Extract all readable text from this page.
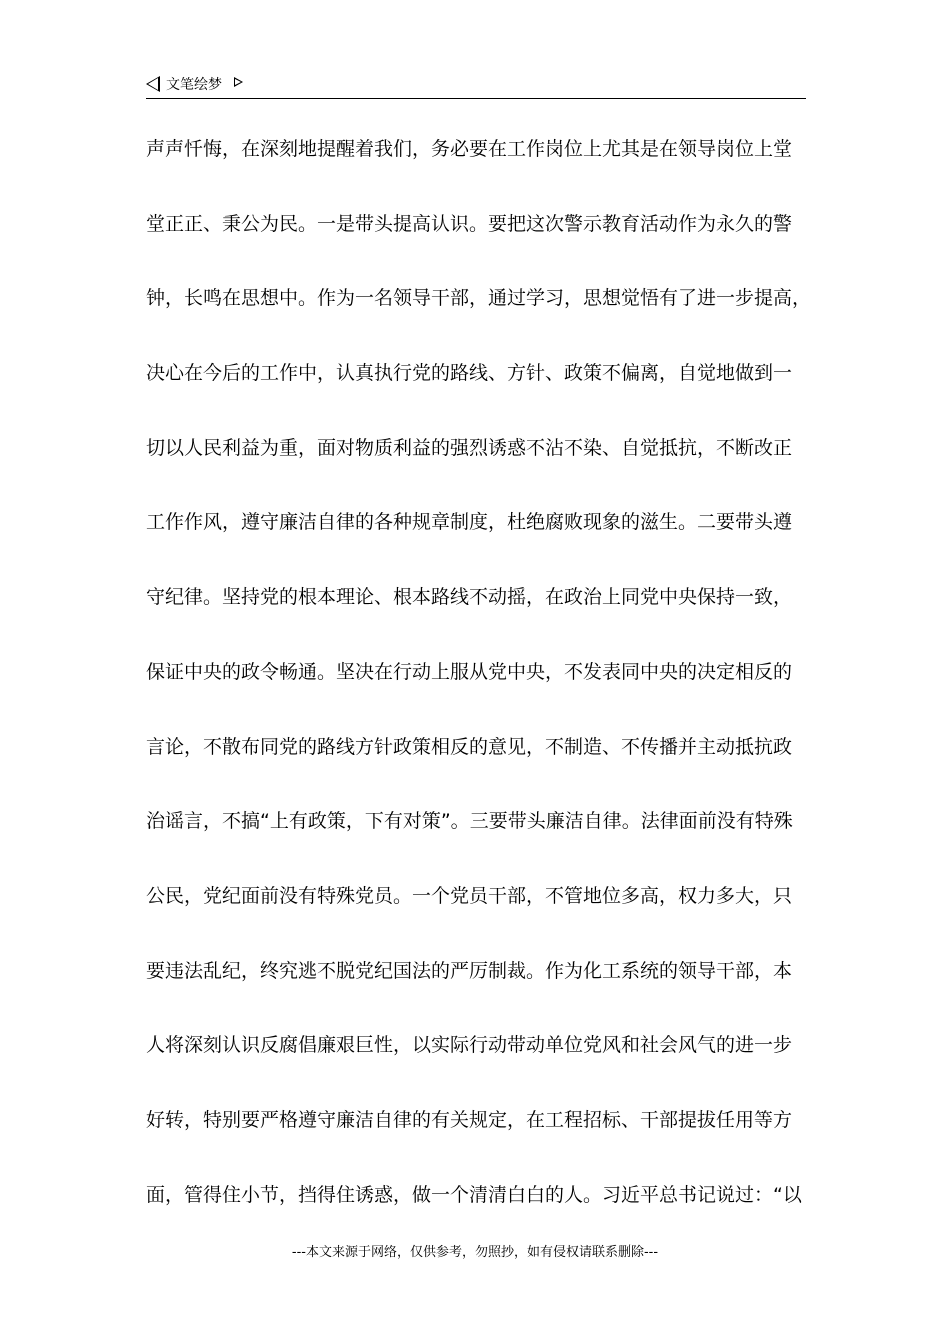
文笔绘梦
声声忏悔，在深刻地提醒着我们，务必要在工作岗位上尤其是在领导岗位上堂
堂正正、秉公为民。一是带头提高认识。要把这次警示教育活动作为永久的警
钟，长鸣在思想中。作为一名领导干部，通过学习，思想觉悟有了进一步提高，
决心在今后的工作中，认真执行党的路线、方针、政策不偏离，自觉地做到一
切以人民利益为重，面对物质利益的强烈诱惑不沾不染、自觉抵抗，不断改正
工作作风，遵守廉洁自律的各种规章制度，杜绝腐败现象的滋生。二要带头遵
守纪律。坚持党的根本理论、根本路线不动摇，在政治上同党中央保持一致，
保证中央的政令畅通。坚决在行动上服从党中央，不发表同中央的决定相反的
言论，不散布同党的路线方针政策相反的意见，不制造、不传播并主动抵抗政
治谣言，不搞“上有政策，下有对策”。三要带头廉洁自律。法律面前没有特殊
公民，党纪面前没有特殊党员。一个党员干部，不管地位多高，权力多大，只
要违法乱纪，终究逃不脱党纪国法的严厉制裁。作为化工系统的领导干部，本
人将深刻认识反腐倡廉艰巨性，以实际行动带动单位党风和社会风气的进一步
好转，特别要严格遵守廉洁自律的有关规定，在工程招标、干部提拔任用等方
面，管得住小节，挡得住诱惑，做一个清清白白的人。习近平总书记说过：“以
---本文来源于网络，仅供参考，勿照抄，如有侵权请联系删除---
